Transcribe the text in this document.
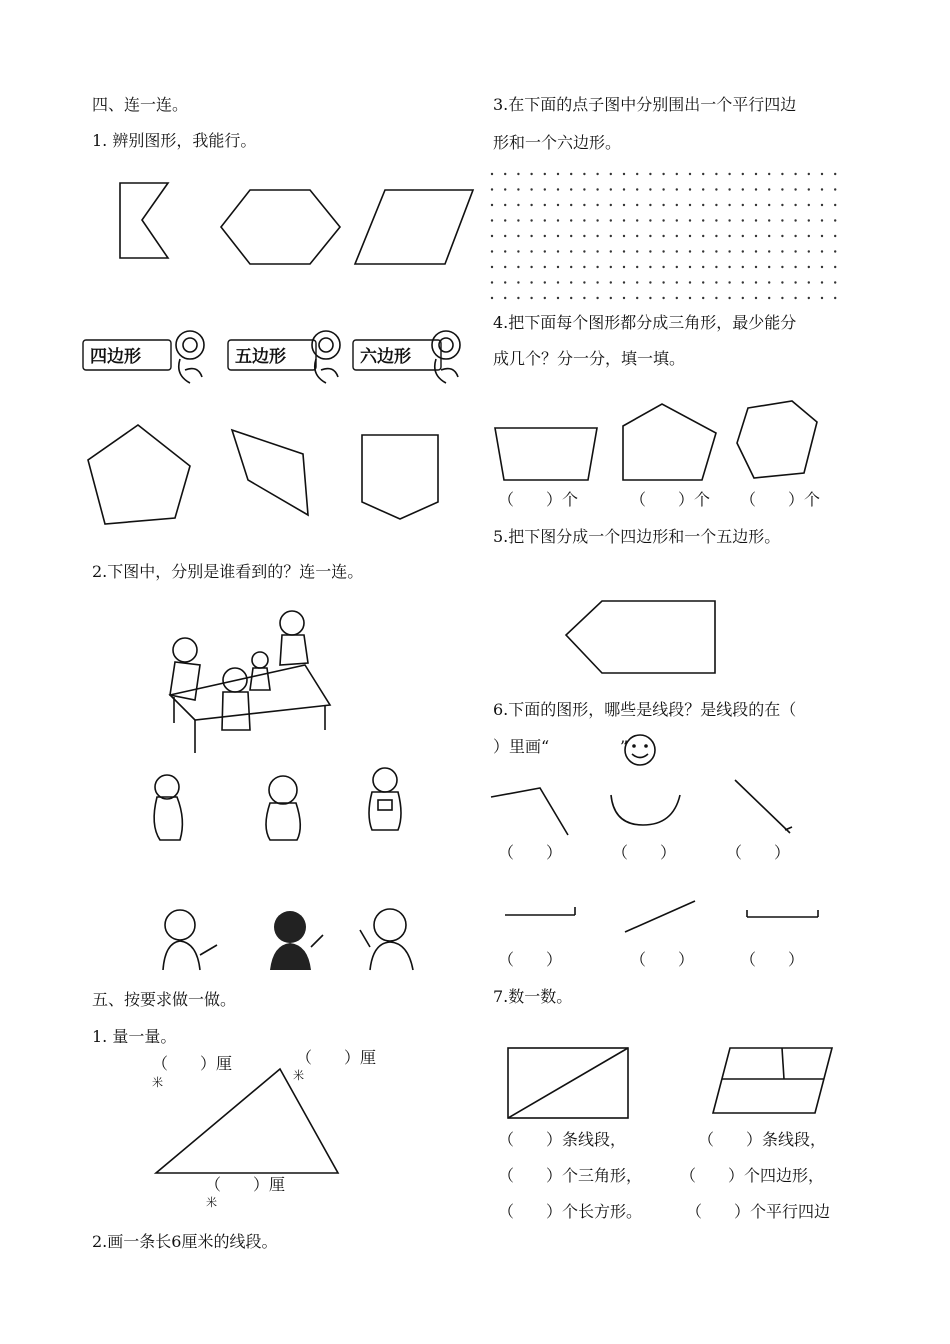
四、连一连。
1. 辨别图形，我能行。
四边形	五边形	六边形
2.下图中，分别是谁看到的？连一连。
五、按要求做一做。
1. 量一量。
（　　）厘	（　　）厘
（　　）厘
米
米
米
2.画一条长6厘米的线段。
3.在下面的点子图中分别围出一个平行四边
形和一个六边形。
4.把下面每个图形都分成三角形，最少能分
成几个？分一分，填一填。
（　　）个	（　　）个 （　　）个
5.把下图分成一个四边形和一个五边形。
6.下面的图形，哪些是线段？是线段的在（
）里画“	”
（　　）	（　　）	（　　）
（　　）	（　　）	（　　）
7.数一数。
（　　）条线段，	（　　）条线段，
（　　）个三角形， （　　）个四边形，
（　　）个长方形。	（　　）个平行四边
